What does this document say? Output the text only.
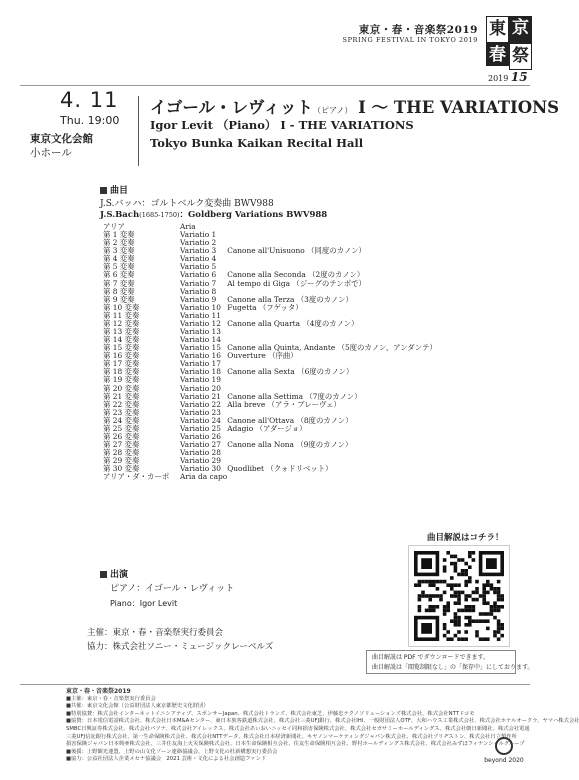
東京・春・音楽祭2019
SPRING FESTIVAL IN TOKYO 2019
東 京
春 祭
2019 15
4. 11
Thu. 19:00
東京文化会館
小ホール
イゴール・レヴィット（ピアノ） I ～ THE VARIATIONS
Igor Levit （Piano） I - THE VARIATIONS
Tokyo Bunka Kaikan Recital Hall
曲目
J.S.バッハ：ゴルトベルク変奏曲 BWV988
J.S.Bach(1685-1750)：Goldberg Variations BWV988
アリア	Aria	
第 1 変奏	Variatio 1	
第 2 変奏	Variatio 2	
第 3 変奏	Variatio 3	Canone all'Unisuono （同度のカノン）
第 4 変奏	Variatio 4	
第 5 変奏	Variatio 5	
第 6 変奏	Variatio 6	Canone alla Seconda （2度のカノン）
第 7 変奏	Variatio 7	Al tempo di Giga （ジーグのテンポで）
第 8 変奏	Variatio 8	
第 9 変奏	Variatio 9	Canone alla Terza （3度のカノン）
第 10 変奏	Variatio 10	Fugetta （フゲッタ）
第 11 変奏	Variatio 11	
第 12 変奏	Variatio 12	Canone alla Quarta （4度のカノン）
第 13 変奏	Variatio 13	
第 14 変奏	Variatio 14	
第 15 変奏	Variatio 15	Canone alla Quinta, Andante （5度のカノン、アンダンテ）
第 16 変奏	Variatio 16	Ouverture （序曲）
第 17 変奏	Variatio 17	
第 18 変奏	Variatio 18	Canone alla Sexta （6度のカノン）
第 19 変奏	Variatio 19	
第 20 変奏	Variatio 20	
第 21 変奏	Variatio 21	Canone alla Settima （7度のカノン）
第 22 変奏	Variatio 22	Alla breve （アラ・ブレーヴェ）
第 23 変奏	Variatio 23	
第 24 変奏	Variatio 24	Canone all'Ottava （8度のカノン）
第 25 変奏	Variatio 25	Adagio （アダージョ）
第 26 変奏	Variatio 26	
第 27 変奏	Variatio 27	Canone alla Nona （9度のカノン）
第 28 変奏	Variatio 28	
第 29 変奏	Variatio 29	
第 30 変奏	Variatio 30	Quodlibet （クォドリベット）
アリア・ダ・カーポ	Aria da capo	
曲目解説はコチラ！
出演
ピアノ：イゴール・レヴィット
Piano：Igor Levit
主催：東京・春・音楽祭実行委員会
協力：株式会社ソニー・ミュージックレーベルズ
曲目解説は PDF でダウンロードできます。
曲目解説は「閲覧制限なし」の「保存中」にしております。
東京・春・音楽祭2019
■主催：東京・春・音楽祭実行委員会
■共催：東京文化会館（公益財団法人東京都歴史文化財団）
■特別協賛：株式会社インターネットイニシアティブ、スポンサーJapan、株式会社トランズ、株式会社東芝、伊藤忠テクノソリューションズ株式会社、株式会社NTTドコモ
■協賛：日本電信電話株式会社、株式会社日本M&Aセンター、東日本旅客鉄道株式会社、株式会社三菱UFJ銀行、株式会社IHI、一般財団法人OTF、大和ハウス工業株式会社、株式会社ホテルオークラ、ヤマハ株式会社
SMBC日興証券株式会社、株式会社パソナ、株式会社アイレックス、株式会社あいおいニッセイ同和損害保険株式会社、株式会社セガサミーホールディングス、株式会社朝日新聞社、株式会社電通
三菱UFJ信託銀行株式会社、第一生命保険株式会社、株式会社NTTデータ、株式会社日本経済新聞社、キヤノンマーケティングジャパン株式会社、株式会社ブリヂストン、株式会社日立製作所
損害保険ジャパン日本興亜株式会社、三井住友海上火災保険株式会社、日本生命保険相互会社、住友生命保険相互会社、野村ホールディングス株式会社、株式会社みずほフィナンシャルグループ
■後援：上野観光連盟、上野の山文化ゾーン連絡協議会、上野文化の杜新構想実行委員会
■協力：公益社団法人企業メセナ協議会　2021 芸術・文化による社会創造ファンド	beyond 2020
